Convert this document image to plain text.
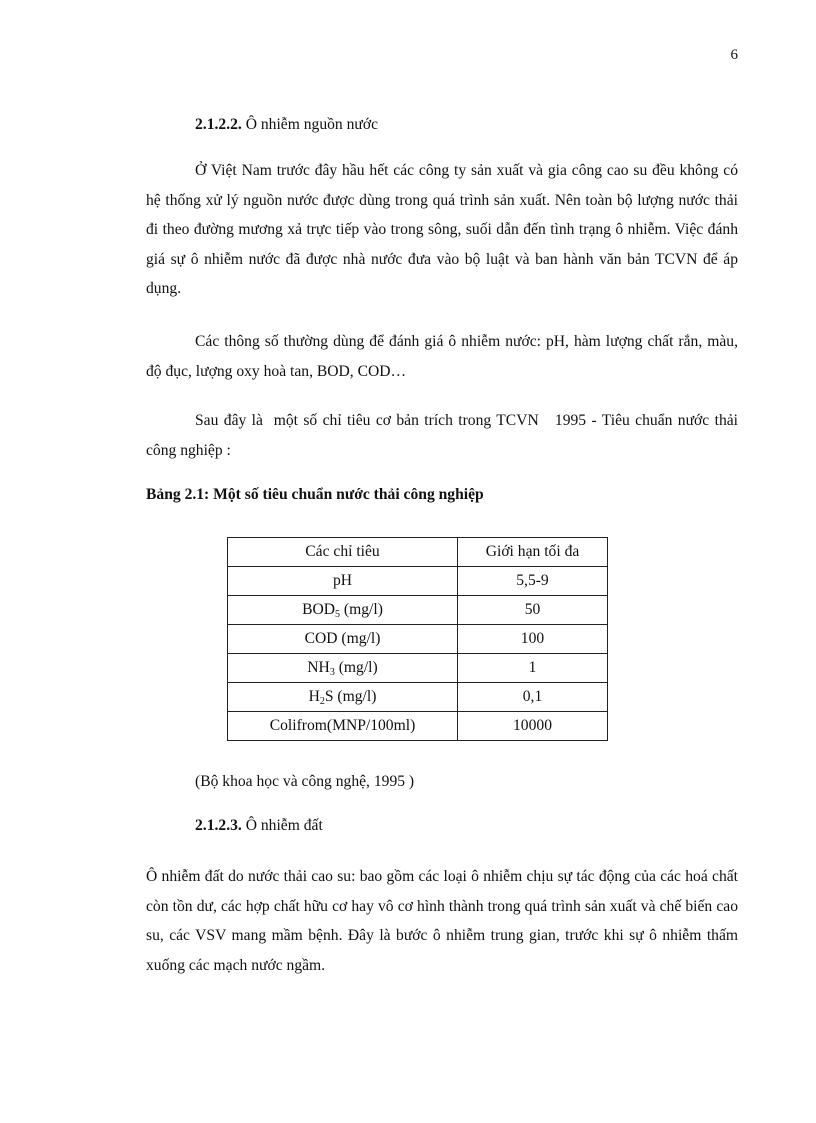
6
2.1.2.2. Ô nhiễm nguồn nước
Ở Việt Nam trước đây hầu hết các công ty sản xuất và gia công cao su đều không có hệ thống xử lý nguồn nước được dùng trong quá trình sản xuất. Nên toàn bộ lượng nước thải đi theo đường mương xả trực tiếp vào trong sông, suối dẫn đến tình trạng ô nhiễm. Việc đánh giá sự ô nhiễm nước đã được nhà nước đưa vào bộ luật và ban hành văn bản TCVN để áp dụng.
Các thông số thường dùng để đánh giá ô nhiễm nước: pH, hàm lượng chất rắn, màu, độ đục, lượng oxy hoà tan, BOD, COD…
Sau đây là  một số chỉ tiêu cơ bản trích trong TCVN   1995 - Tiêu chuẩn nước thải công nghiệp :
Bảng 2.1: Một số tiêu chuẩn nước thải công nghiệp
Các chỉ tiêu	Giới hạn tối đa
pH	5,5-9
$BOD_5$ (mg/l)	50
COD (mg/l)	100
$NH_3$ (mg/l)	1
$H_2S$ (mg/l)	0,1
Colifrom(MNP/100ml)	10000
(Bộ khoa học và công nghệ, 1995 )
2.1.2.3. Ô nhiễm đất
Ô nhiễm đất do nước thải cao su: bao gồm các loại ô nhiễm chịu sự tác động của các hoá chất còn tồn dư, các hợp chất hữu cơ hay vô cơ hình thành trong quá trình sản xuất và chế biến cao su, các VSV mang mầm bệnh. Đây là bước ô nhiễm trung gian, trước khi sự ô nhiễm thấm xuống các mạch nước ngầm.
